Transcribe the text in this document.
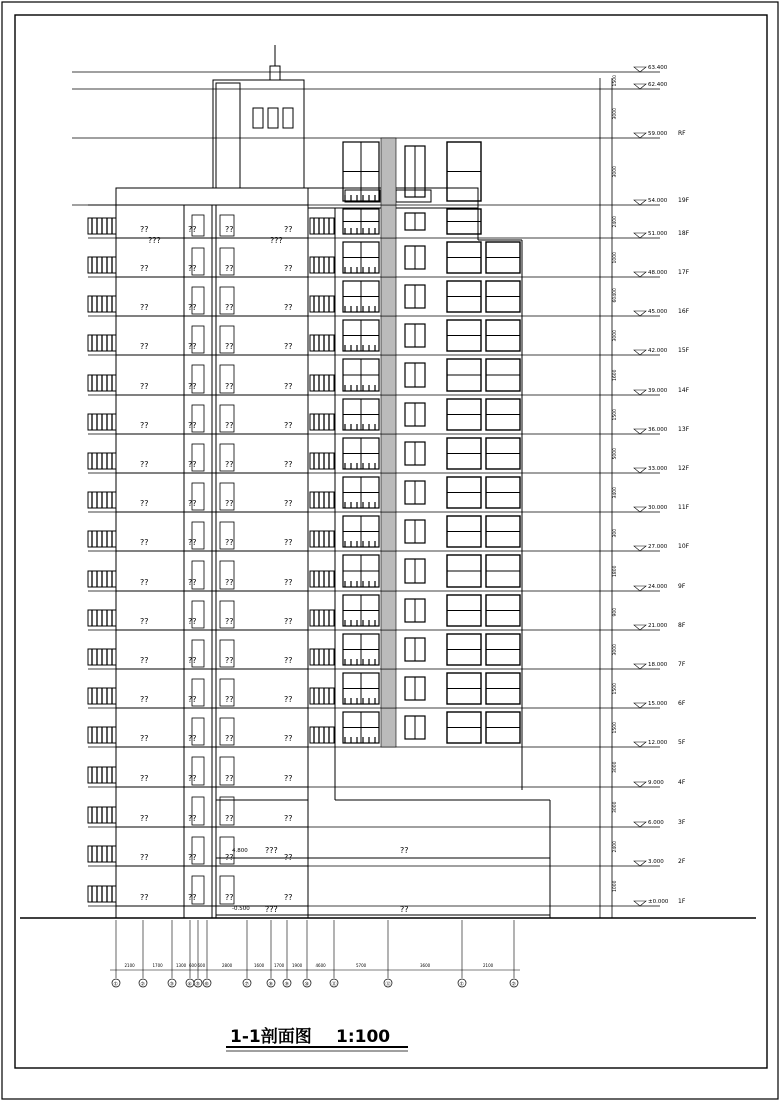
±0.000 1F
3.000 2F
6.000 3F
9.000 4F
12.000 5F
15.000 6F
18.000 7F
21.000 8F
24.000 9F
27.000 10F
30.000 11F
33.000 12F
36.000 13F
39.000 14F
42.000 15F
45.000 16F
48.000 17F
51.000 18F
54.000 19F
59.000 RF
62.400
63.400
??	??	??	??
??	??	??	??
??	??	??	??
??	??	??	??
??	??	??	??
??	??	??	??
??	??	??	??
??	??	??	??
??	??	??	??
??	??	??	??
??	??	??	??
??	??	??	??
??	??	??	??
??	??	??	??
??	??	??	??
??	??	??	??
??	??	??	??
??	??	??	??
???	???
??
??
???
???
4.800
-0.500
①	②	③	④ ⑤ ⑥	⑦	⑧ ⑨	⑩	⑪	⑫	①	②
2100	1700	1300 600 600	2800	1600 1700 1900	4600	5700	3600	2100
1000
2400
3000
3000
1500
1500
3000
900
1800
300
3400
5000
1500
1600
3000
60400
1000
2400
3000
3000
1500
1-1剖面图 1:100
